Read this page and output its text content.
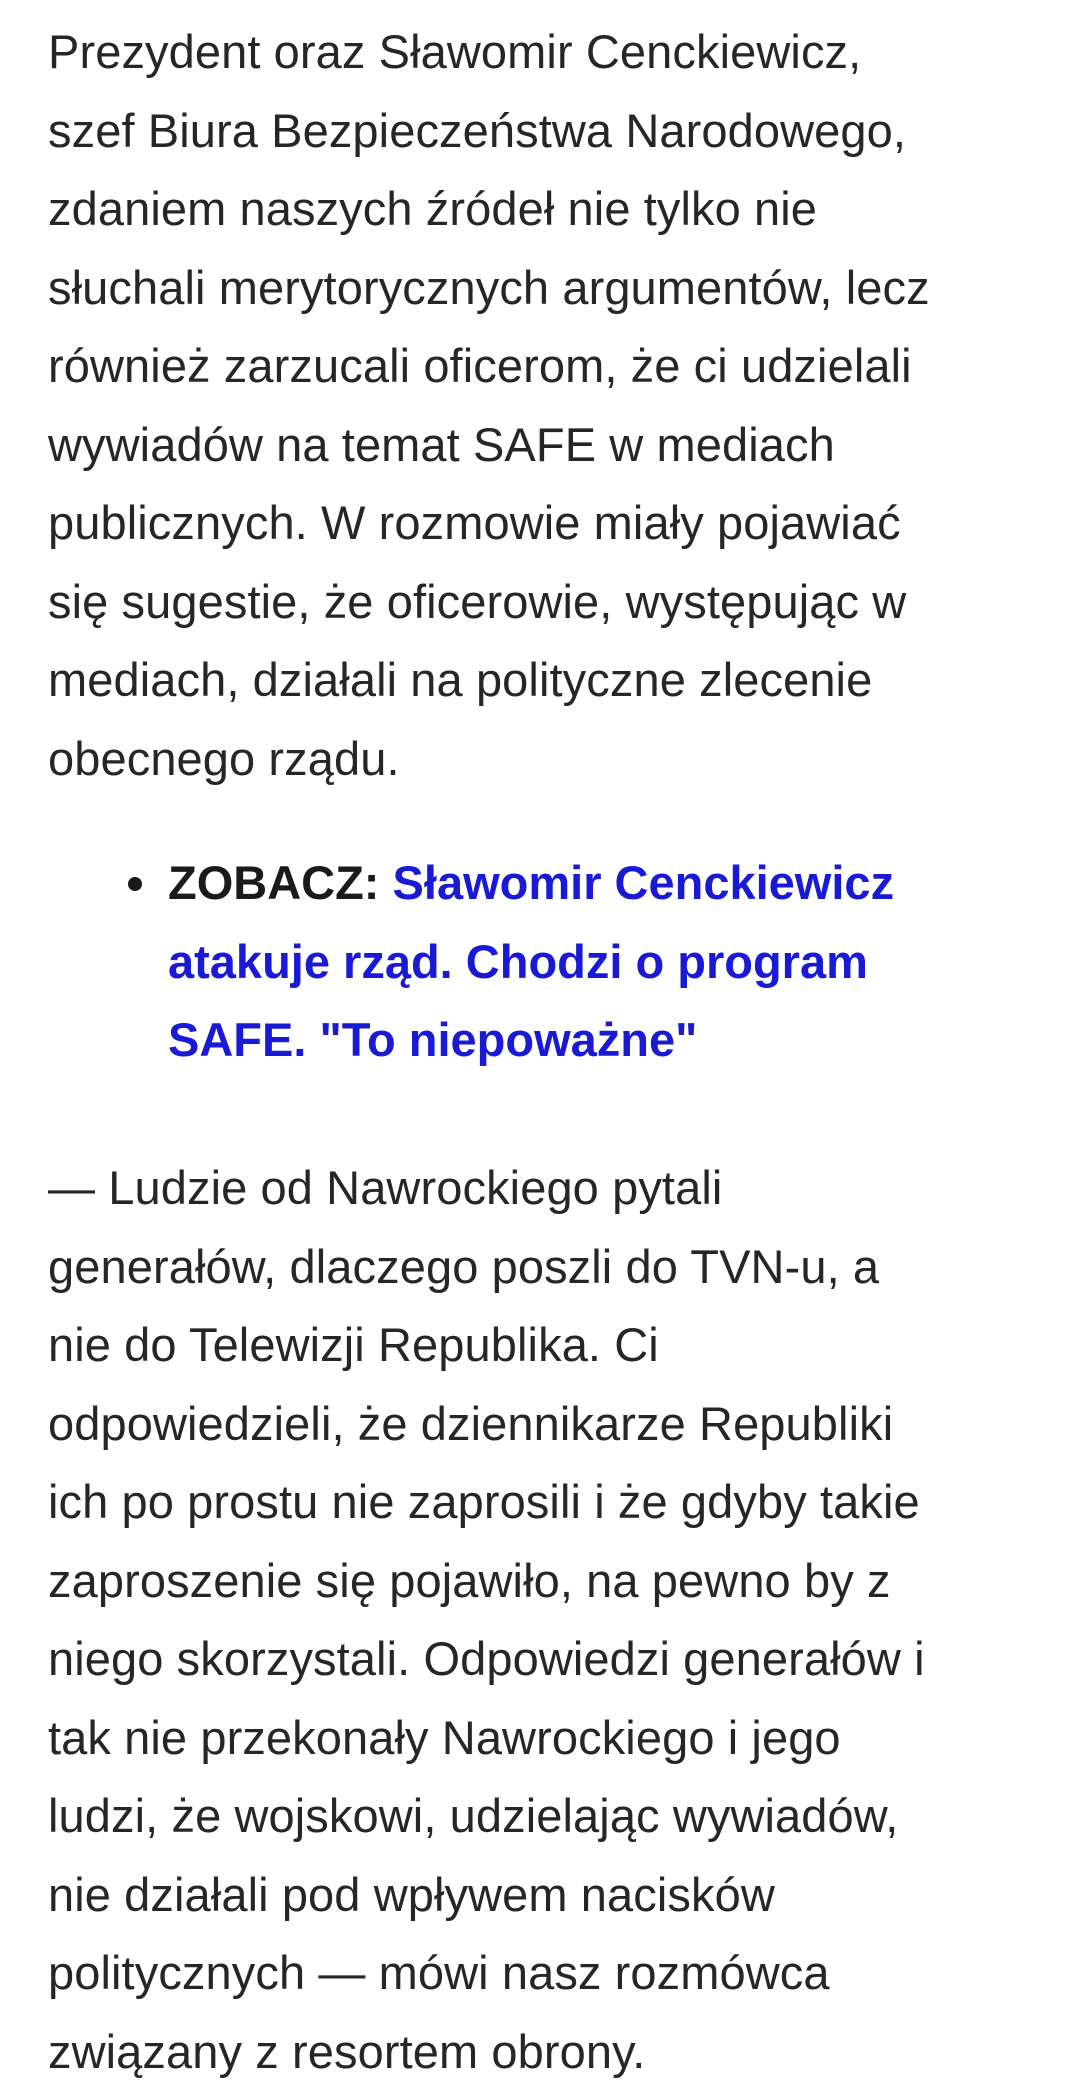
Prezydent oraz Sławomir Cenckiewicz,
szef Biura Bezpieczeństwa Narodowego,
zdaniem naszych źródeł nie tylko nie
słuchali merytorycznych argumentów, lecz
również zarzucali oficerom, że ci udzielali
wywiadów na temat SAFE w mediach
publicznych. W rozmowie miały pojawiać
się sugestie, że oficerowie, występując w
mediach, działali na polityczne zlecenie
obecnego rządu.

ZOBACZ: Sławomir Cenckiewicz
atakuje rząd. Chodzi o program
SAFE. "To niepoważne"

— Ludzie od Nawrockiego pytali
generałów, dlaczego poszli do TVN-u, a
nie do Telewizji Republika. Ci
odpowiedzieli, że dziennikarze Republiki
ich po prostu nie zaprosili i że gdyby takie
zaproszenie się pojawiło, na pewno by z
niego skorzystali. Odpowiedzi generałów i
tak nie przekonały Nawrockiego i jego
ludzi, że wojskowi, udzielając wywiadów,
nie działali pod wpływem nacisków
politycznych — mówi nasz rozmówca
związany z resortem obrony.
